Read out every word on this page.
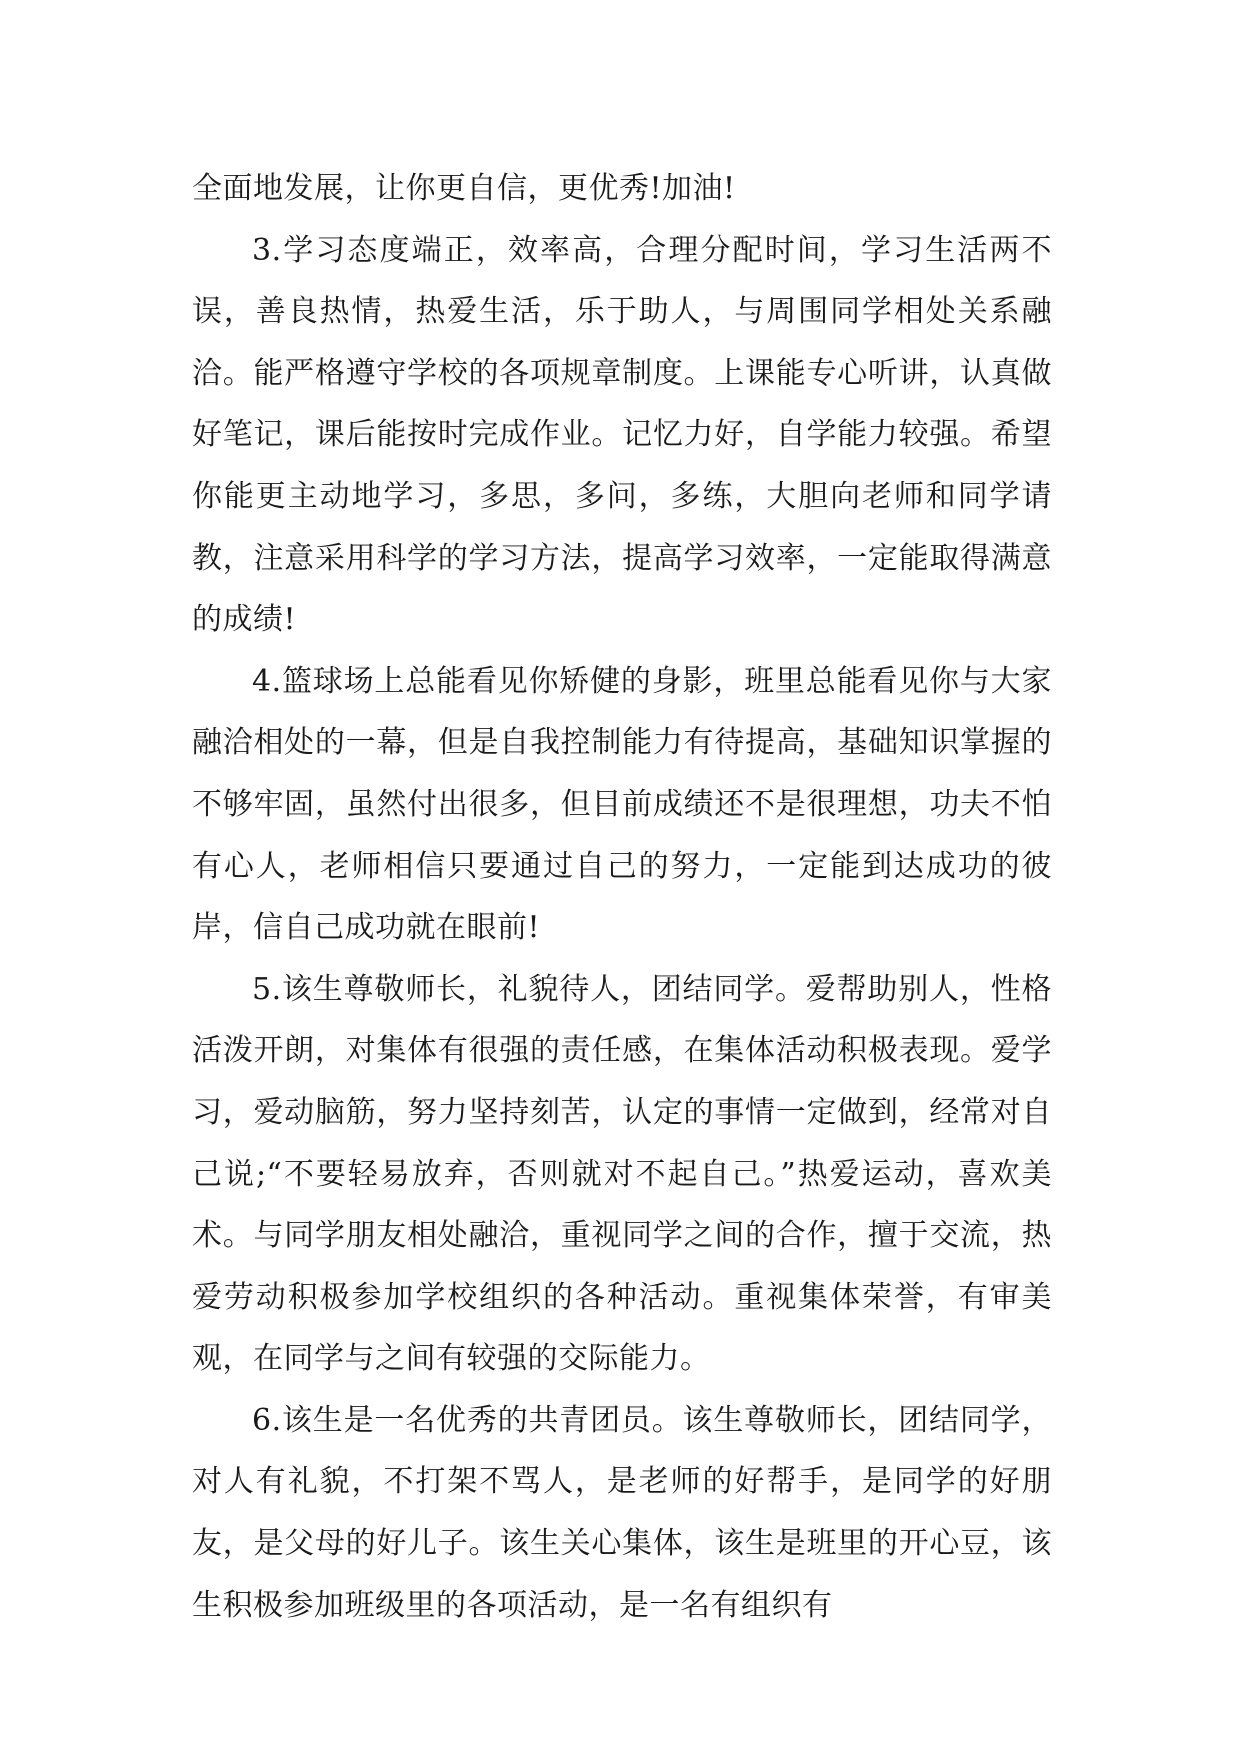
全面地发展，让你更自信，更优秀!加油!

3.学习态度端正，效率高，合理分配时间，学习生活两不误，善良热情，热爱生活，乐于助人，与周围同学相处关系融洽。能严格遵守学校的各项规章制度。上课能专心听讲，认真做好笔记，课后能按时完成作业。记忆力好，自学能力较强。希望你能更主动地学习，多思，多问，多练，大胆向老师和同学请教，注意采用科学的学习方法，提高学习效率，一定能取得满意的成绩!

4.篮球场上总能看见你矫健的身影，班里总能看见你与大家融洽相处的一幕，但是自我控制能力有待提高，基础知识掌握的不够牢固，虽然付出很多，但目前成绩还不是很理想，功夫不怕有心人，老师相信只要通过自己的努力，一定能到达成功的彼岸，信自己成功就在眼前!

5.该生尊敬师长，礼貌待人，团结同学。爱帮助别人，性格活泼开朗，对集体有很强的责任感，在集体活动积极表现。爱学习，爱动脑筋，努力坚持刻苦，认定的事情一定做到，经常对自己说;“不要轻易放弃，否则就对不起自己。”热爱运动，喜欢美术。与同学朋友相处融洽，重视同学之间的合作，擅于交流，热爱劳动积极参加学校组织的各种活动。重视集体荣誉，有审美观，在同学与之间有较强的交际能力。

6.该生是一名优秀的共青团员。该生尊敬师长，团结同学，对人有礼貌，不打架不骂人，是老师的好帮手，是同学的好朋友，是父母的好儿子。该生关心集体，该生是班里的开心豆，该生积极参加班级里的各项活动，是一名有组织有
